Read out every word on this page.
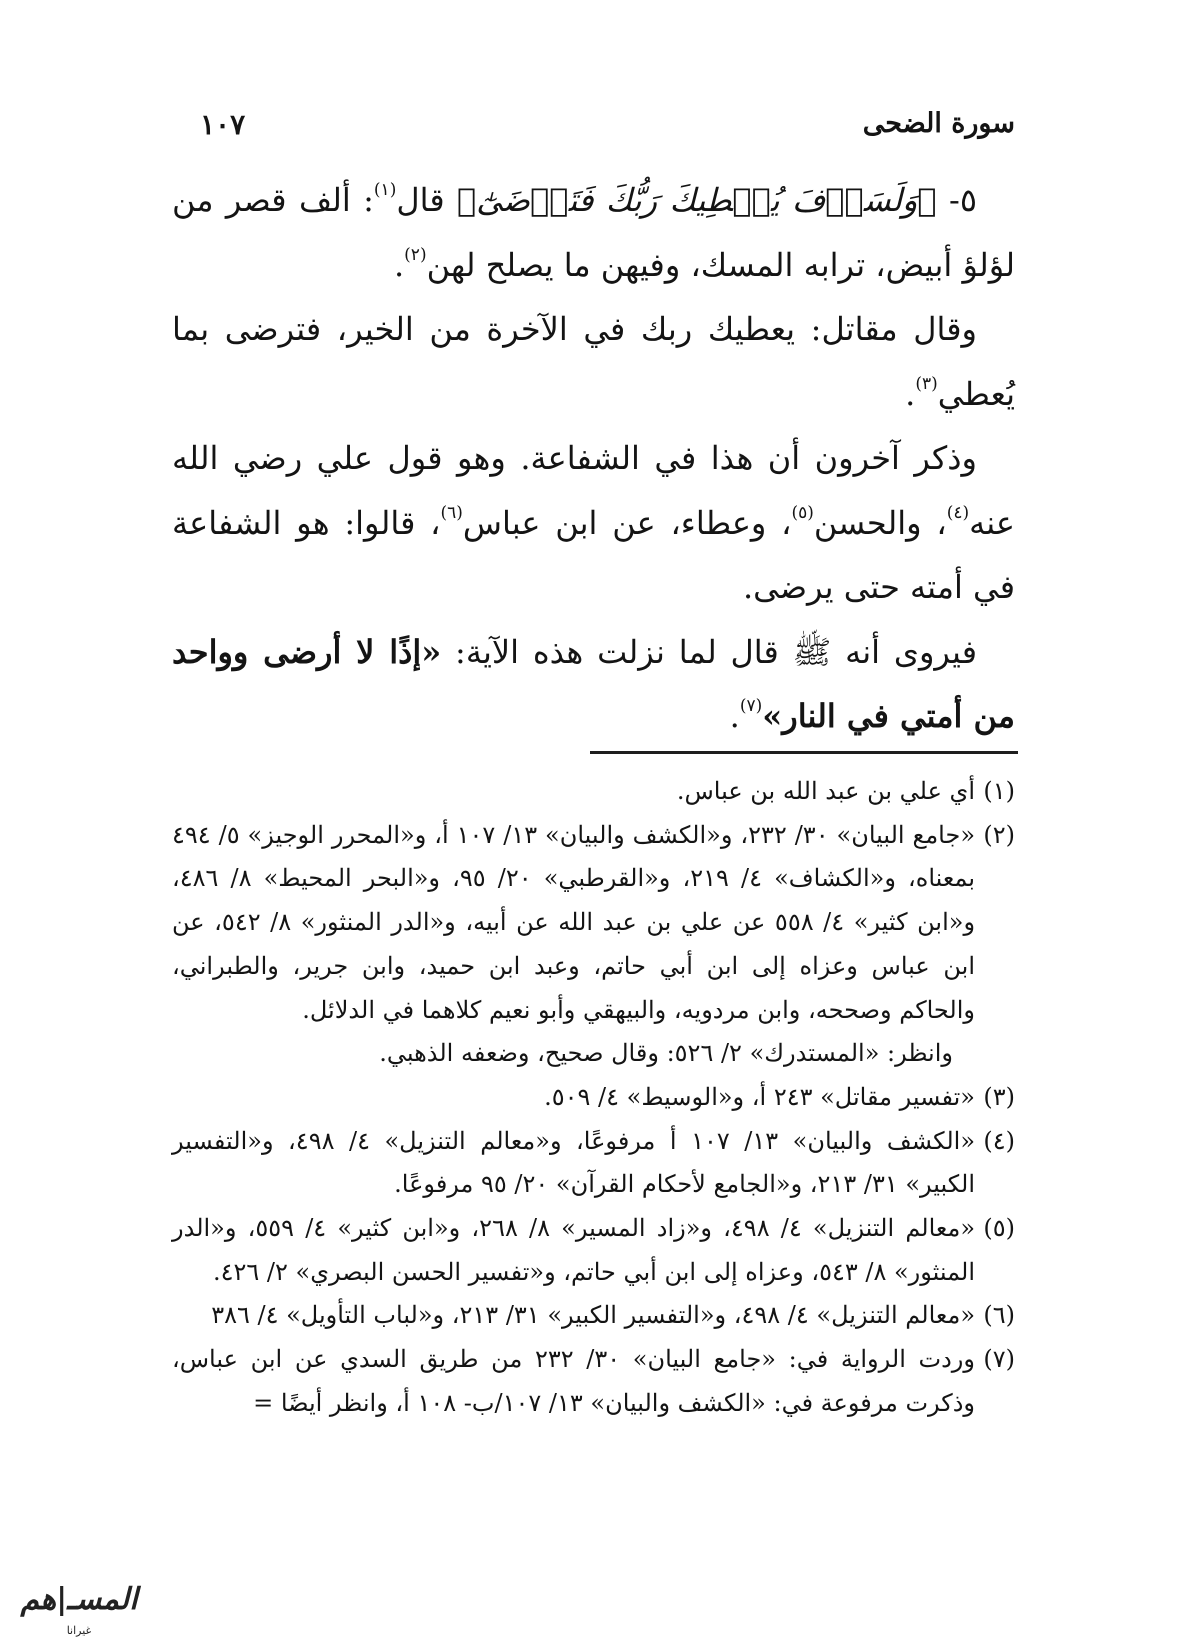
سورة الضحى
١٠٧

٥- ﴿وَلَسَوۡفَ يُعۡطِيكَ رَبُّكَ فَتَرۡضَىٰٓ﴾ قال$^{(١)}$: ألف قصر من لؤلؤ أبيض، ترابه المسك، وفيهن ما يصلح لهن$^{(٢)}$.

وقال مقاتل: يعطيك ربك في الآخرة من الخير، فترضى بما يُعطي$^{(٣)}$.

وذكر آخرون أن هذا في الشفاعة. وهو قول علي رضي الله عنه$^{(٤)}$، والحسن$^{(٥)}$، وعطاء، عن ابن عباس$^{(٦)}$، قالوا: هو الشفاعة في أمته حتى يرضى.

فيروى أنه ﷺ قال لما نزلت هذه الآية: «إذًا لا أرضى وواحد من أمتي في النار»$^{(٧)}$.

(١)
أي علي بن عبد الله بن عباس.
(٢)
«جامع البيان» ٣٠/ ٢٣٢، و«الكشف والبيان» ١٣/ ١٠٧ أ، و«المحرر الوجيز» ٥/ ٤٩٤ بمعناه، و«الكشاف» ٤/ ٢١٩، و«القرطبي» ٢٠/ ٩٥، و«البحر المحيط» ٨/ ٤٨٦، و«ابن كثير» ٤/ ٥٥٨ عن علي بن عبد الله عن أبيه، و«الدر المنثور» ٨/ ٥٤٢، عن ابن عباس وعزاه إلى ابن أبي حاتم، وعبد ابن حميد، وابن جرير، والطبراني، والحاكم وصححه، وابن مردويه، والبيهقي وأبو نعيم كلاهما في الدلائل.
وانظر: «المستدرك» ٢/ ٥٢٦: وقال صحيح، وضعفه الذهبي.
(٣)
«تفسير مقاتل» ٢٤٣ أ، و«الوسيط» ٤/ ٥٠٩.
(٤)
«الكشف والبيان» ١٣/ ١٠٧ أ مرفوعًا، و«معالم التنزيل» ٤/ ٤٩٨، و«التفسير الكبير» ٣١/ ٢١٣، و«الجامع لأحكام القرآن» ٢٠/ ٩٥ مرفوعًا.
(٥)
«معالم التنزيل» ٤/ ٤٩٨، و«زاد المسير» ٨/ ٢٦٨، و«ابن كثير» ٤/ ٥٥٩، و«الدر المنثور» ٨/ ٥٤٣، وعزاه إلى ابن أبي حاتم، و«تفسير الحسن البصري» ٢/ ٤٢٦.
(٦)
«معالم التنزيل» ٤/ ٤٩٨، و«التفسير الكبير» ٣١/ ٢١٣، و«لباب التأويل» ٤/ ٣٨٦
(٧)
وردت الرواية في: «جامع البيان» ٣٠/ ٢٣٢ من طريق السدي عن ابن عباس، وذكرت مرفوعة في: «الكشف والبيان» ١٣/ ١٠٧/ب- ١٠٨ أ، وانظر أيضًا =
المسـ|هم
غيرانا
